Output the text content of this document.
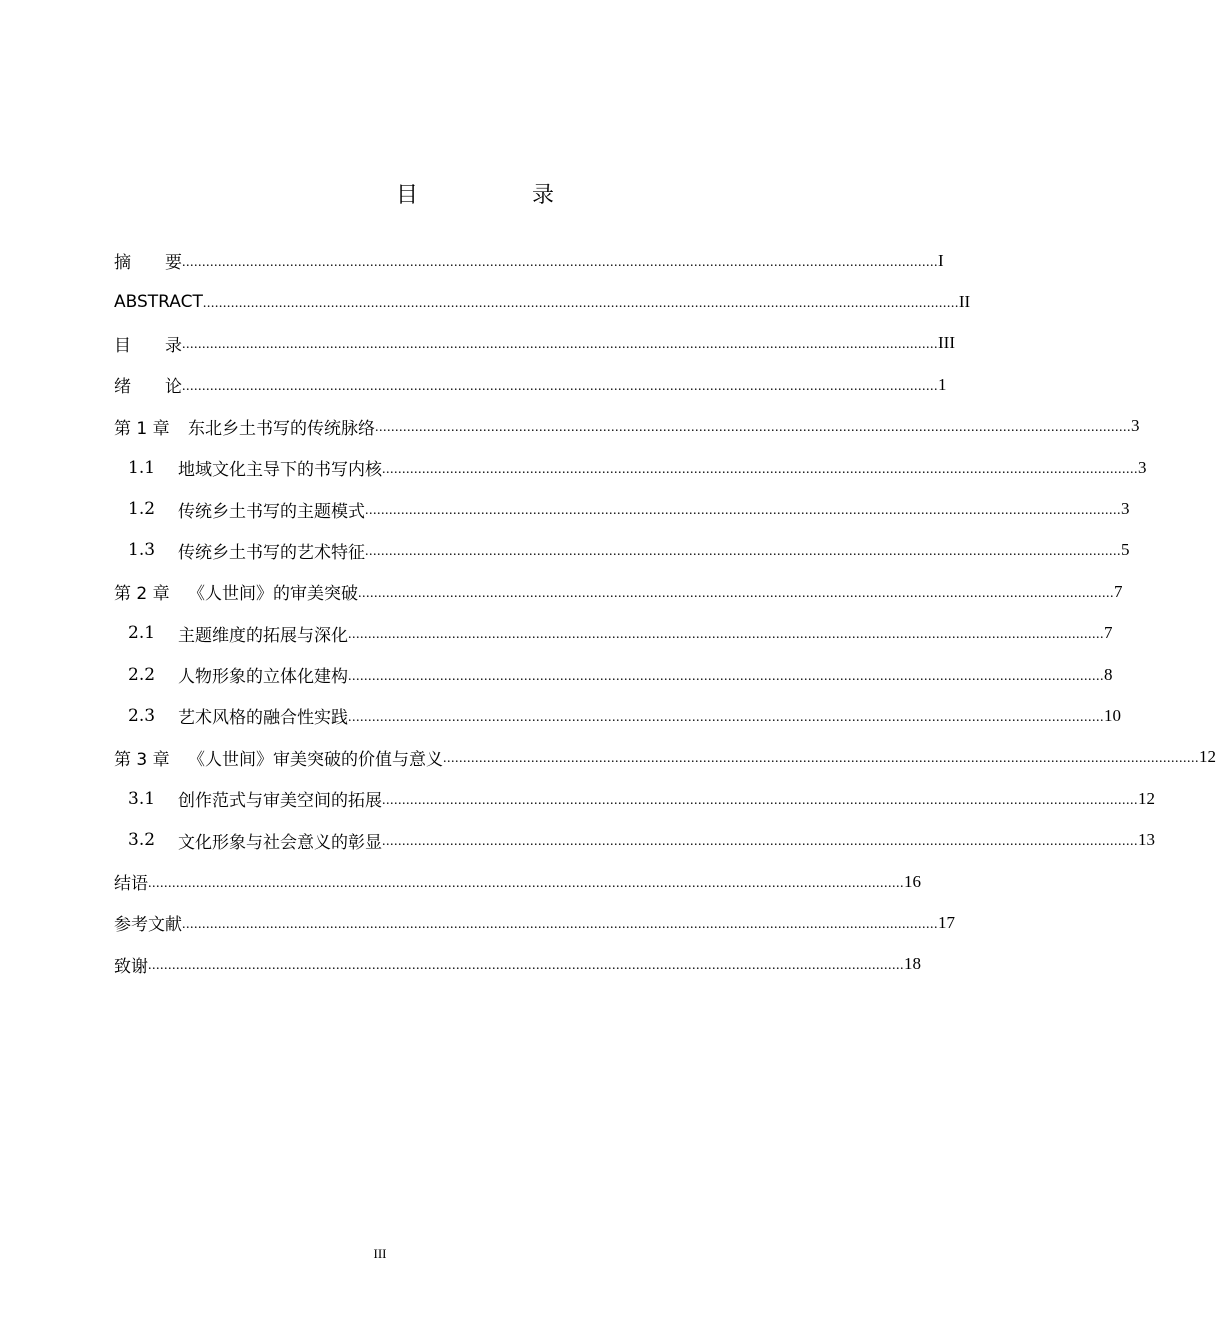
目　录
摘　　要 ............................................................................................................................................................................................. I
ABSTRACT ............................................................................................................................................................................................. II
目　　录 ............................................................................................................................................................................................. III
绪　　论 ............................................................................................................................................................................................. 1
第 1 章	东北乡土书写的传统脉络 ............................................................................................................................................................................................. 3
1.1	地域文化主导下的书写内核 ............................................................................................................................................................................................. 3
1.2	传统乡土书写的主题模式 ............................................................................................................................................................................................. 3
1.3	传统乡土书写的艺术特征 ............................................................................................................................................................................................. 5
第 2 章	《人世间》的审美突破 ............................................................................................................................................................................................. 7
2.1	主题维度的拓展与深化 ............................................................................................................................................................................................. 7
2.2	人物形象的立体化建构 ............................................................................................................................................................................................. 8
2.3	艺术风格的融合性实践 ............................................................................................................................................................................................. 10
第 3 章	《人世间》审美突破的价值与意义 ............................................................................................................................................................................................. 12
3.1	创作范式与审美空间的拓展 ............................................................................................................................................................................................. 12
3.2	文化形象与社会意义的彰显 ............................................................................................................................................................................................. 13
结语 ............................................................................................................................................................................................. 16
参考文献 ............................................................................................................................................................................................. 17
致谢 ............................................................................................................................................................................................. 18
III
